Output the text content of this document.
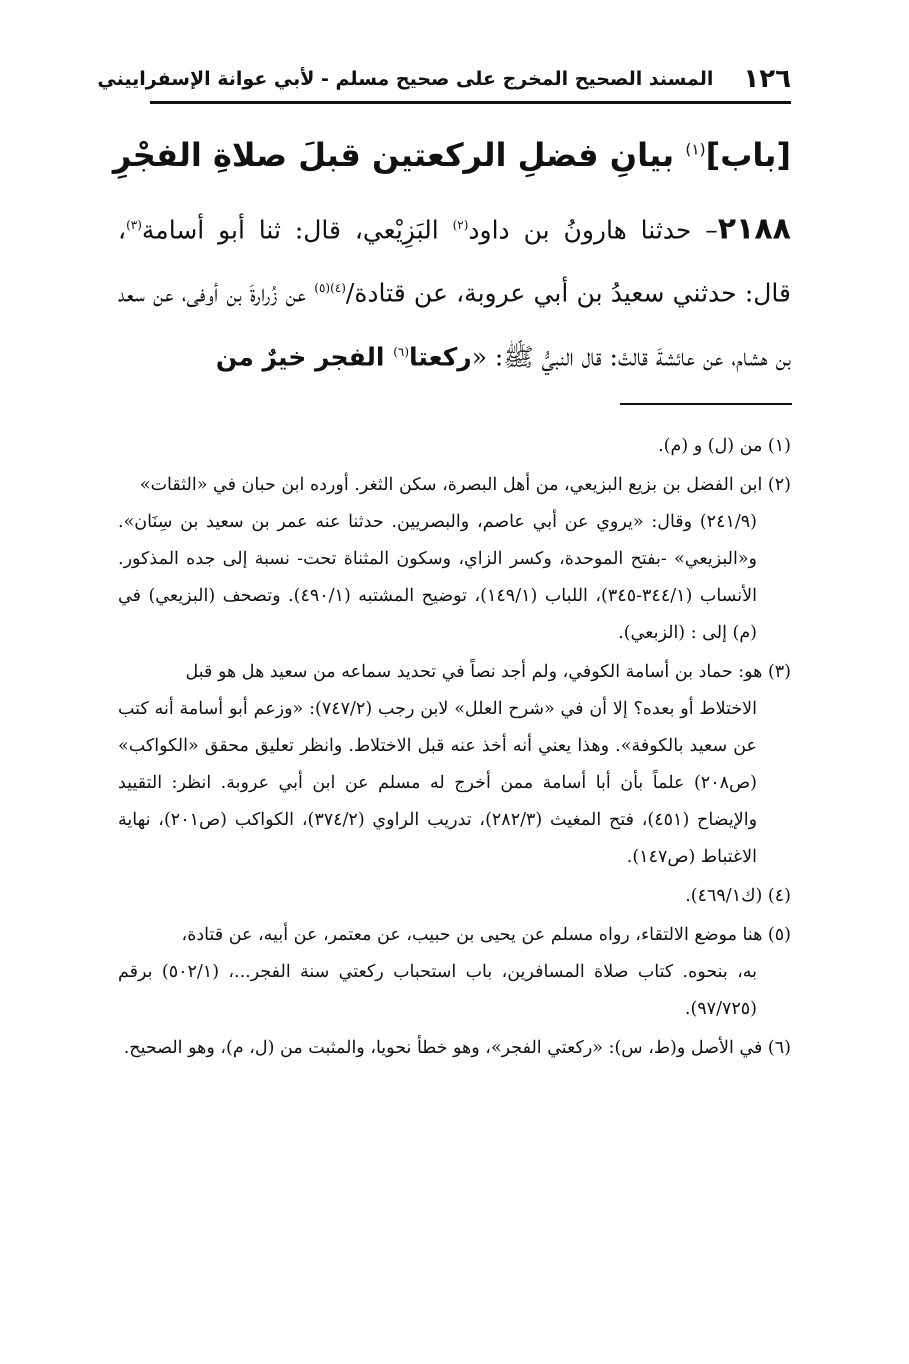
١٢٦
المسند الصحيح المخرج على صحيح مسلم - لأبي عوانة الإسفراييني
[باب]$^{(١)}$ بيانِ فضلِ الركعتين قبلَ صلاةِ الفجْرِ
٢١٨٨– حدثنا هارونُ بن داود$^{(٢)}$ البَزِيْعي، قال: ثنا أبو أسامة$^{(٣)}$، قال: حدثني سعيدُ بن أبي عروبة، عن قتادة/$^{(٤)(٥)}$ عن زُرارةَ بن أوفى، عن سعد بن هشام، عن عائشةَ قالتْ: قال النبيُّ ﷺ: «ركعتا$^{(٦)}$ الفجر خيرٌ من
(١) من (ل) و (م).
(٢) ابن الفضل بن بزيع البزيعي، من أهل البصرة، سكن الثغر. أورده ابن حبان في «الثقات»
(٢٤١/٩) وقال: «يروي عن أبي عاصم، والبصريين. حدثنا عنه عمر بن سعيد بن سِنَان». و«البزيعي» -بفتح الموحدة، وكسر الزاي، وسكون المثناة تحت- نسبة إلى جده المذكور. الأنساب (٣٤٤/١-٣٤٥)، اللباب (١٤٩/١)، توضيح المشتبه (٤٩٠/١). وتصحف (البزيعي) في (م) إلى : (الزبعي).
(٣) هو: حماد بن أسامة الكوفي، ولم أجد نصاً في تحديد سماعه من سعيد هل هو قبل
الاختلاط أو بعده؟ إلا أن في «شرح العلل» لابن رجب (٧٤٧/٢): «وزعم أبو أسامة أنه كتب عن سعيد بالكوفة». وهذا يعني أنه أخذ عنه قبل الاختلاط. وانظر تعليق محقق «الكواكب» (ص٢٠٨) علماً بأن أبا أسامة ممن أخرج له مسلم عن ابن أبي عروبة. انظر: التقييد والإيضاح (٤٥١)، فتح المغيث (٢٨٢/٣)، تدريب الراوي (٣٧٤/٢)، الكواكب (ص٢٠١)، نهاية الاغتباط (ص١٤٧).
(٤) (ك٤٦٩/١).
(٥) هنا موضع الالتقاء، رواه مسلم عن يحيى بن حبيب، عن معتمر، عن أبيه، عن قتادة،
به، بنحوه. كتاب صلاة المسافرين، باب استحباب ركعتي سنة الفجر...، (٥٠٢/١) برقم (٩٧/٧٢٥).
(٦) في الأصل و(ط، س): «ركعتي الفجر»، وهو خطأ نحويا، والمثبت من (ل، م)، وهو الصحيح.
